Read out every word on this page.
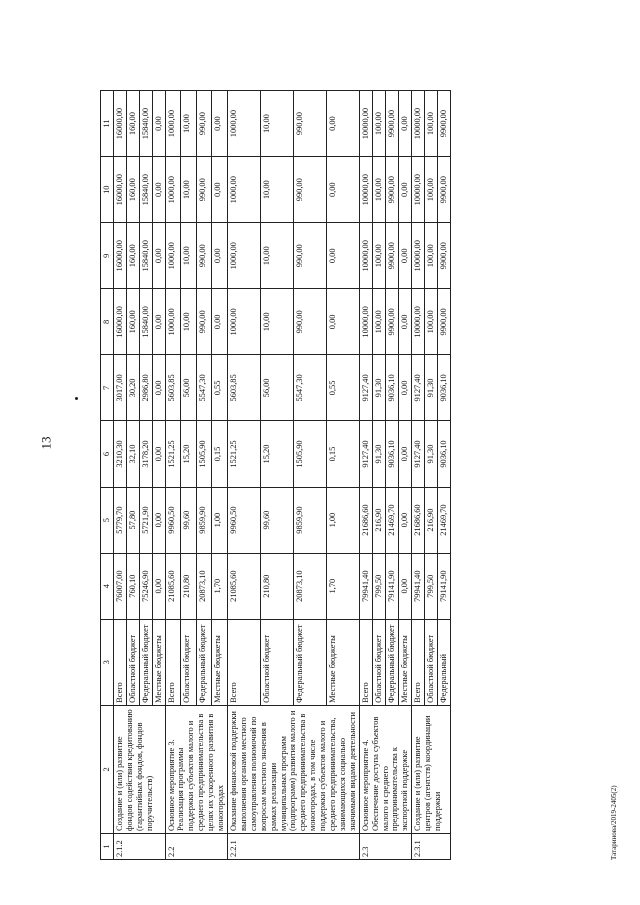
13
Татаринова/2019-2405(2)
1	2	3	4	5	6	7	8	9	10	11
2.1.2	Создание и (или) развитие фондов содействия кредитованию (гарантийных фондов, фондов поручительств)	Всего	76007,00	5779,70	3210,30	3017,00	16000,00	16000,00	16000,00	16000,00
		Областной бюджет	760,10	57,80	32,10	30,20	160,00	160,00	160,00	160,00
		Федеральный бюджет	75246,90	5721,90	3178,20	2986,80	15840,00	15840,00	15840,00	15840,00
		Местные бюджеты	0,00	0,00	0,00	0,00	0,00	0,00	0,00	0,00
2.2	Основное мероприятие 3. Реализация программы поддержки субъектов малого и среднего предпринимательства в целях их ускоренного развития в моногородах	Всего	21085,60	9960,50	1521,25	5603,85	1000,00	1000,00	1000,00	1000,00
		Областной бюджет	210,80	99,60	15,20	56,00	10,00	10,00	10,00	10,00
		Федеральный бюджет	20873,10	9859,90	1505,90	5547,30	990,00	990,00	990,00	990,00
		Местные бюджеты	1,70	1,00	0,15	0,55	0,00	0,00	0,00	0,00
2.2.1	Оказание финансовой поддержки выполнения органами местного самоуправления полномочий по вопросам местного значения в рамках реализации муниципальных программ (подпрограмм) развития малого и среднего предпринимательства в моногородах, в том числе поддержки субъектов малого и среднего предпринимательства, занимающихся социально значимыми видами деятельности	Всего	21085,60	9960,50	1521,25	5603,85	1000,00	1000,00	1000,00	1000,00
		Областной бюджет	210,80	99,60	15,20	56,00	10,00	10,00	10,00	10,00
		Федеральный бюджет	20873,10	9859,90	1505,90	5547,30	990,00	990,00	990,00	990,00
		Местные бюджеты	1,70	1,00	0,15	0,55	0,00	0,00	0,00	0,00
2.3	Основное мероприятие 4. Обеспечение доступа субъектов малого и среднего предпринимательства к экспортной поддержке	Всего	79941,40	21686,60	9127,40	9127,40	10000,00	10000,00	10000,00	10000,00
		Областной бюджет	799,50	216,90	91,30	91,30	100,00	100,00	100,00	100,00
		Федеральный бюджет	79141,90	21469,70	9036,10	9036,10	9900,00	9900,00	9900,00	9900,00
		Местные бюджеты	0,00	0,00	0,00	0,00	0,00	0,00	0,00	0,00
2.3.1	Создание и (или) развитие центров (агентств) координации поддержки	Всего	79941,40	21686,60	9127,40	9127,40	10000,00	10000,00	10000,00	10000,00
		Областной бюджет	799,50	216,90	91,30	91,30	100,00	100,00	100,00	100,00
		Федеральный	79141,90	21469,70	9036,10	9036,10	9900,00	9900,00	9900,00	9900,00
